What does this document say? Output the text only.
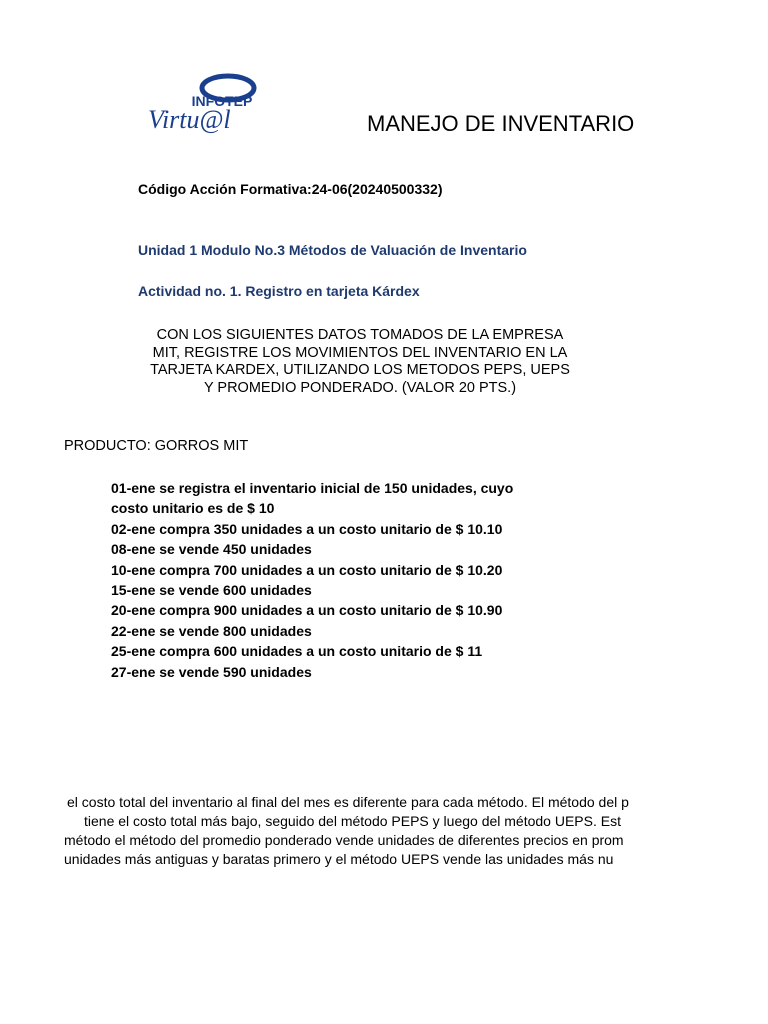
INFOTEP
Virtu@l	MANEJO DE INVENTARIO
Código Acción Formativa:24-06(20240500332)
Unidad 1 Modulo No.3 Métodos de Valuación de Inventario
Actividad no. 1. Registro en tarjeta Kárdex
CON LOS SIGUIENTES DATOS TOMADOS DE LA EMPRESA
MIT, REGISTRE LOS MOVIMIENTOS DEL INVENTARIO EN LA
TARJETA KARDEX, UTILIZANDO LOS METODOS PEPS, UEPS
Y PROMEDIO PONDERADO. (VALOR 20 PTS.)
PRODUCTO: GORROS MIT
01-ene se registra el inventario inicial de 150 unidades, cuyo
costo unitario es de $ 10
02-ene compra 350 unidades a un costo unitario de $ 10.10
08-ene se vende 450 unidades
10-ene compra 700 unidades a un costo unitario de $ 10.20
15-ene se vende 600 unidades
20-ene compra 900 unidades a un costo unitario de $ 10.90
22-ene se vende 800 unidades
25-ene compra 600 unidades a un costo unitario de $ 11
27-ene se vende 590 unidades
el costo total del inventario al final del mes es diferente para cada método. El método del p
tiene el costo total más bajo, seguido del método PEPS y luego del método UEPS. Est
método el método del promedio ponderado vende unidades de diferentes precios en prom
unidades más antiguas y baratas primero y el método UEPS vende las unidades más nu
